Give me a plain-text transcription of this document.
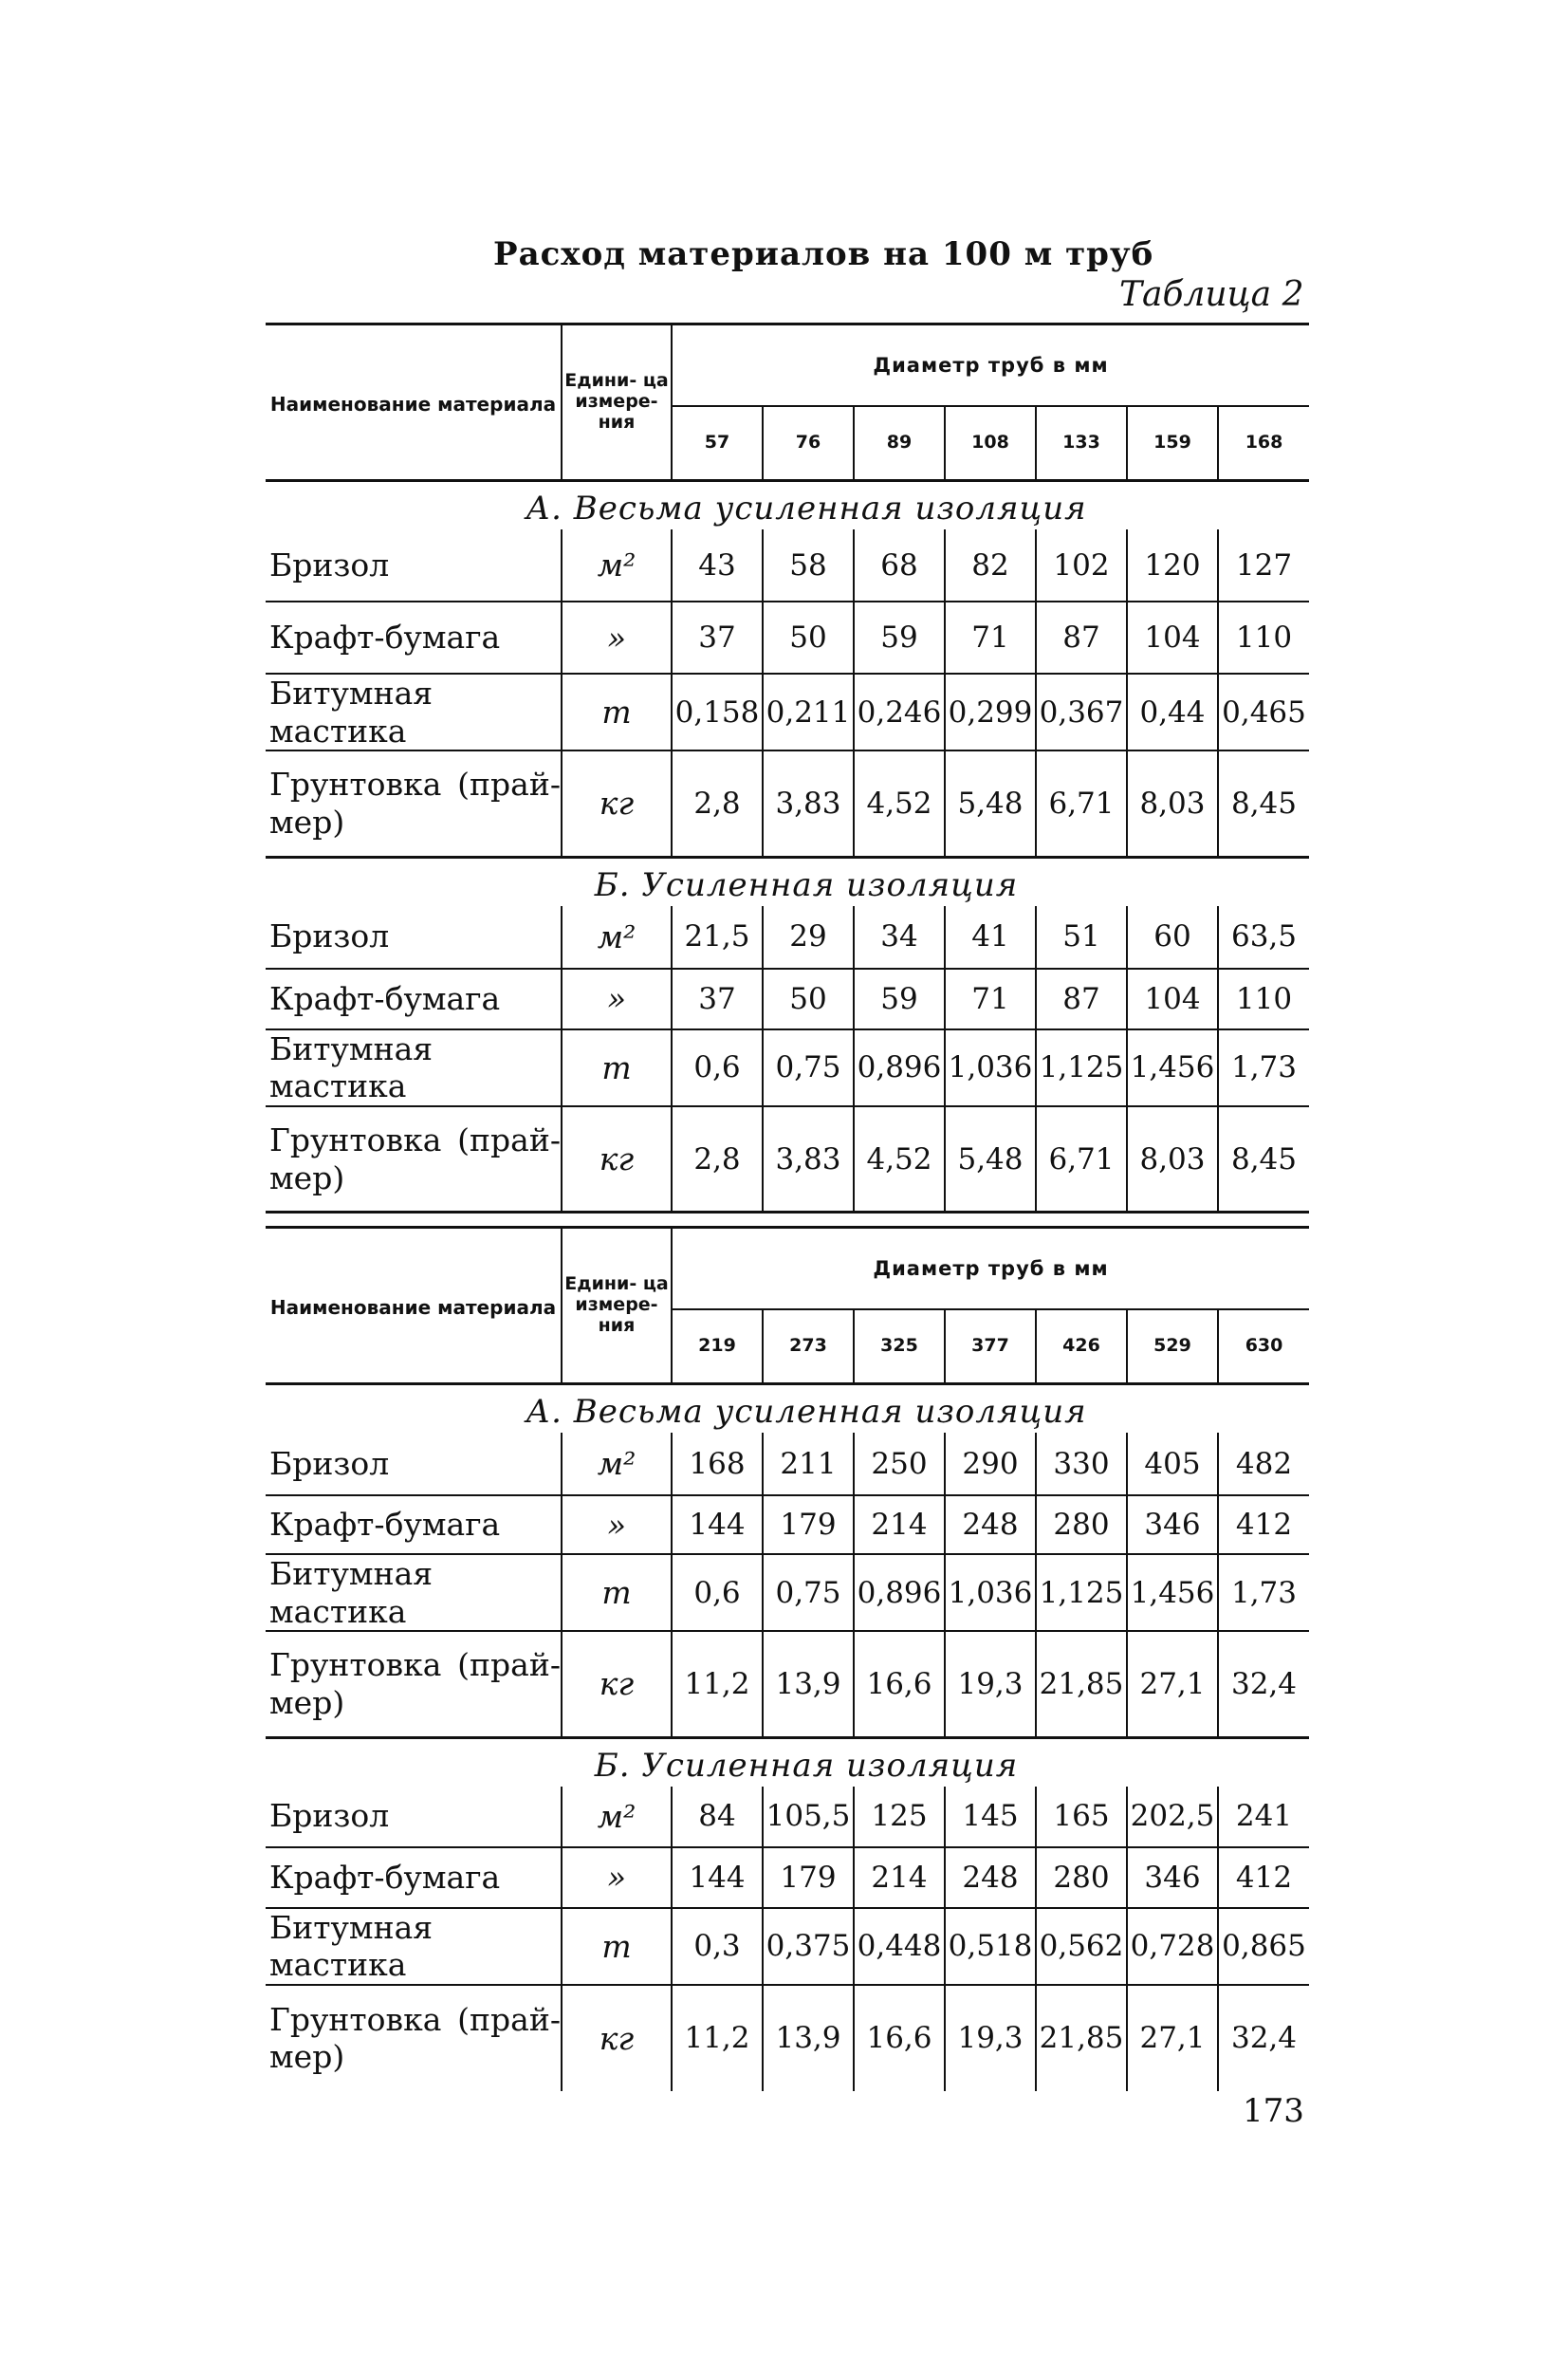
Расход материалов на 100 м труб
Таблица 2
Наименование материала	Едини- ца измере- ния	Диаметр труб в мм						
		57	76	89	108	133	159	168
А. Весьма усиленная изоляция
Бризол	м²	43	58	68	82	102	120	127
Крафт-бумага	»	37	50	59	71	87	104	110
Битумная мастика	т	0,158	0,211	0,246	0,299	0,367	0,44	0,465
Грунтовка (прай- мер)	кг	2,8	3,83	4,52	5,48	6,71	8,03	8,45
Б. Усиленная изоляция
Бризол	м²	21,5	29	34	41	51	60	63,5
Крафт-бумага	»	37	50	59	71	87	104	110
Битумная мастика	т	0,6	0,75	0,896	1,036	1,125	1,456	1,73
Грунтовка (прай- мер)	кг	2,8	3,83	4,52	5,48	6,71	8,03	8,45
Наименование материала	Едини- ца измере- ния	Диаметр труб в мм						
		219	273	325	377	426	529	630
А. Весьма усиленная изоляция
Бризол	м²	168	211	250	290	330	405	482
Крафт-бумага	»	144	179	214	248	280	346	412
Битумная мастика	т	0,6	0,75	0,896	1,036	1,125	1,456	1,73
Грунтовка (прай- мер)	кг	11,2	13,9	16,6	19,3	21,85	27,1	32,4
Б. Усиленная изоляция
Бризол	м²	84	105,5	125	145	165	202,5	241
Крафт-бумага	»	144	179	214	248	280	346	412
Битумная мастика	т	0,3	0,375	0,448	0,518	0,562	0,728	0,865
Грунтовка (прай- мер)	кг	11,2	13,9	16,6	19,3	21,85	27,1	32,4
173
